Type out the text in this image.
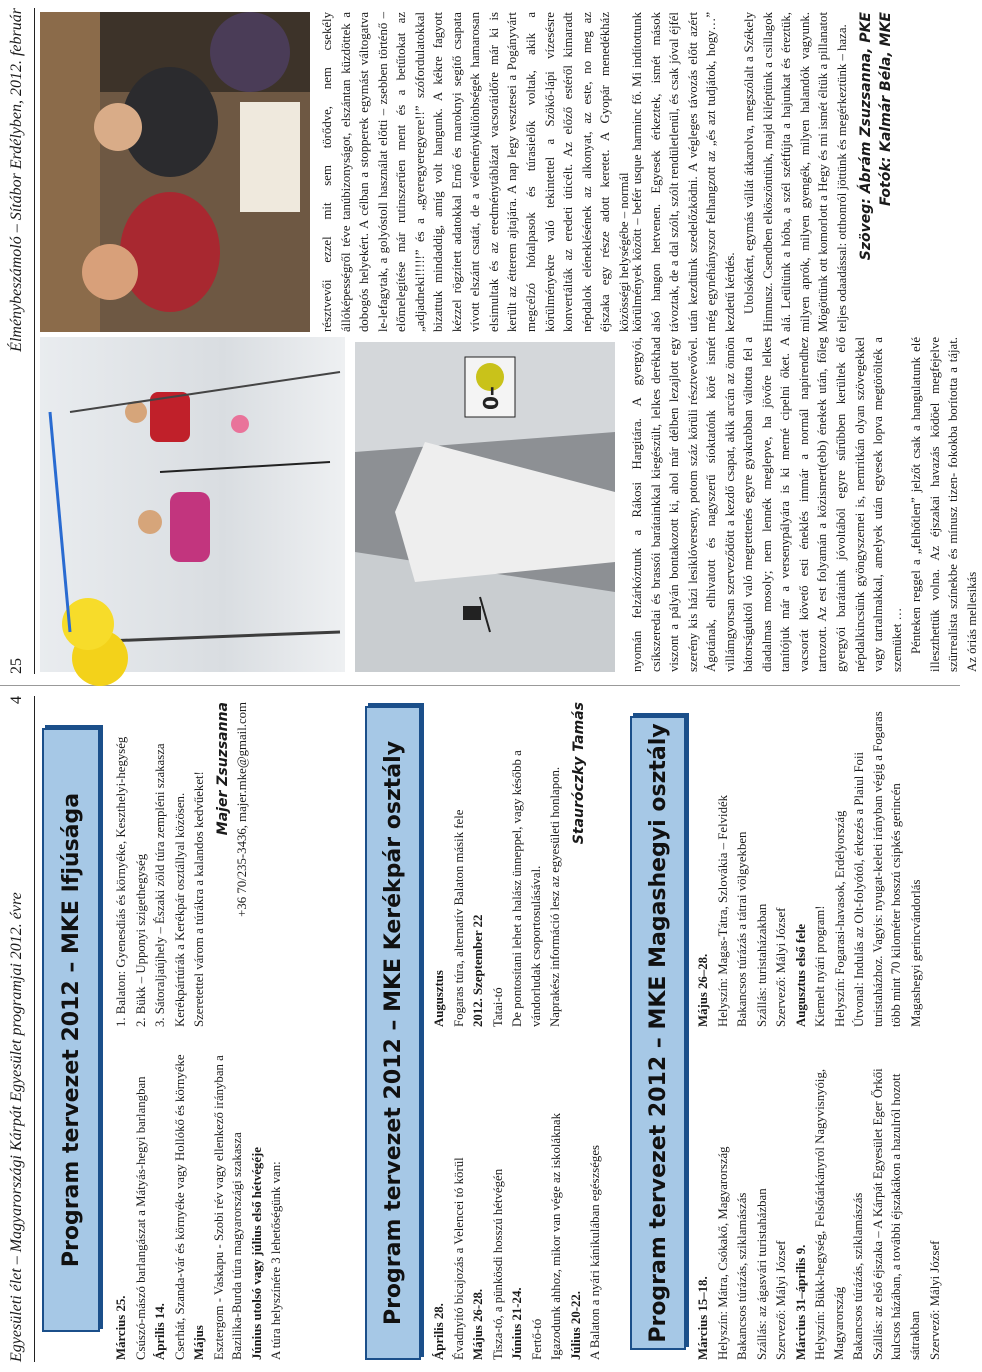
Egyesületi élet – Magyarországi Kárpát Egyesület programjai 2012. évre
4
25
Élménybeszámoló – Sítábor Erdélyben, 2012. február
Program tervezet 2012 – MKE Ifjúsága

Március 25. Csúszó-mászó barlangászat a Mátyás-hegyi barlangban Április 14. Cserhát, Szanda-vár és környéke vagy Hollókő és környéke Május Esztergom - Vaskapu - Szobi rév vagy ellenkező irányban a Bazilika-Burda túra magyarországi szakasza Június utolsó vagy július első hétvégéje A túra helyszínére 3 lehetőségünk van:

1. Balaton: Gyenesdiás és környéke, Keszthelyi-hegység 2. Bükk – Upponyi szigethegység 3. Sátoraljaújhely – Északi zöld túra zempléni szakasza Kerékpártúrák a Kerékpár osztállyal közösen. Szeretettel várom a túrákra a kalandos kedvűeket!

Majer Zsuzsanna +36 70/235-3436, majer.mke@gmail.com	Program tervezet 2012 – MKE Kerékpár osztály

Április 28. Évadnyitó bicajozás a Velencei tó körül Május 26-28. Tisza-tó, a pünkösdi hosszú hétvégén Június 21-24. Fertő-tó Igazodunk ahhoz, mikor van vége az iskoláknak Július 20-22. A Balaton a nyári kánikulában egészséges

Augusztus Fogaras túra, alternatív Balaton másik fele 2012. Szeptember 22 Tatai-tó De pontosítani lehet a halász ünneppel, vagy később a vándorludak csoportosulásával. Naprakész információ lesz az egyesületi honlapon. Stauróczky Tamás	Program tervezet 2012 – MKE Magashegyi osztály	Március 15–18. Helyszín: Mátra, Csókakő, Magyarország Bakancsos túrázás, sziklamászás Szállás: az ágasvári turistaházban Szervező: Mályi József Március 31–április 9. Helyszín: Bükk-hegység, Felsőtárkányról Nagyvisnyóig, Magyarország Bakancsos túrázás, sziklamászás Szállás: az első éjszaka – A Kárpát Egyesület Eger Őrkői kulcsos házában, a további éjszakákon a hazulról hozott sátrakban Szervező: Mályi József

Május 26–28. Helyszín: Magas-Tátra, Szlovákia – Felvidék Bakancsos túrázás a tátrai völgyekben Szállás: turistaházakban Szervező: Mályi József Augusztus első fele Kiemelt nyári program! Helyszín: Fogarasi-havasok, Erdélyország Útvonal: Indulás az Olt-folyótól, érkezés a Plaiul Foii turistaházhoz. Vagyis: nyugat-keleti irányban végig a Fogaras több mint 70 kilométer hosszú csipkés gerincén Magashegyi gerincvándorlás

0–	nyomán felzárkóztunk a Rákosi Hargitára. A gyergyói, csíkszeredai és brassói barátainkkal kiegészült, lelkes derékhad viszont a pályán bontakozott ki, ahol már délben lezajlott egy szerény kis házi lesiklóverseny, potom száz körüli résztvevővel. Ágotának, elhivatott és nagyszerű síoktatónk köré ismét villámgyorsan szerveződött a kezdő csapat, akik arcán az önnön bátorságuktól való megrettenés egyre gyakrabban váltotta fel a diadalmas mosoly; nem lennék meglepve, ha jövőre lelkes tanítójuk már a versenypályára is ki merné cipelni őket. A vacsorát követő esti éneklés immár a normál napirendhez tartozott. Az est folyamán a közismert(ebb) énekek után, főleg gyergyói barátaink jóvoltából egyre sűrűbben kerültek elő népdalkincsünk gyöngyszemei is, nemritkán olyan szövegekkel vagy tartalmakkal, amelyek után egyesek lopva megtörölték a szemüket … Pénteken reggel a „felhőtlen” jelzőt csak a hangulatunk elé illeszthettük volna. Az éjszakai havazás ködöel megfejelve szürrealista színekbe és mínusz tizen- fokokba borította a tájat. Az óriás mellesikás

résztvevői ezzel mit sem törődve, nem csekély állóképességről téve tanúbizonyságot, elszántan küzdöttek a dobogós helyekért. A célban a stopperek egymást váltogatva le-lefagytak, a golyóstoll használat előtti – zsebben történő – előmelegítése már rutinszerűen ment és a betűtokat az „adjadneki!!!!!” és a „gyeregyeregyere!!” szófordulatokkal bizattuk mindaddig, amíg volt hangunk. A kékre fagyott kézzel rögzített adatokkal Ernő és maroknyi segítő csapata vívott elszánt csatát, de a véleménykülönbségek hamarosan elsimultak és az eredménytáblázat vacsoráidőre már ki is került az étterem ajtajára. A nap legy vesztesei a Pogányvárt megcélzó hótalpasok és túrasielők voltak, akik a körülményekre való tekintettel a Szökő-lápi vízesésre konvertálták az eredeti úticélt. Az előző estéről kimaradt népdalok eléneklésének az alkonyat, az este, no meg az éjszaka egy része adott keretet. A Gyopár menedékház közösségi helységébe – normál körülmények között – befér usque harminc fő. Mi indítottunk alsó hangon hetvenen. Egyesek érkeztek, ismét mások távoztak, de a dal szólt, szólt rendületlenül, és csak jóval éjfél után kezdtünk szedelőzködni. A végleges távozás előtt azért még egynéhányszor felhangzott az „és azt tudjátok, hogy…” kezdetű kérdés. Utolsóként, egymás vállát átkarolva, megszólalt a Székely Himnusz. Csendben elköszöntünk, majd kiléptünk a csillagok alá. Leültünk a hóba, a szél szétfújta a hajunkat és éreztük, milyen aprók, milyen gyengék, milyen halandók vagyunk. Mögöttünk ott komorlott a Hegy és mi ismét éltük a pillanatot teljes odaadással: otthonról jöttünk és megérkeztünk – haza. Szöveg: Ábrám Zsuzsanna, PKE Fotók: Kalmár Béla, MKE
